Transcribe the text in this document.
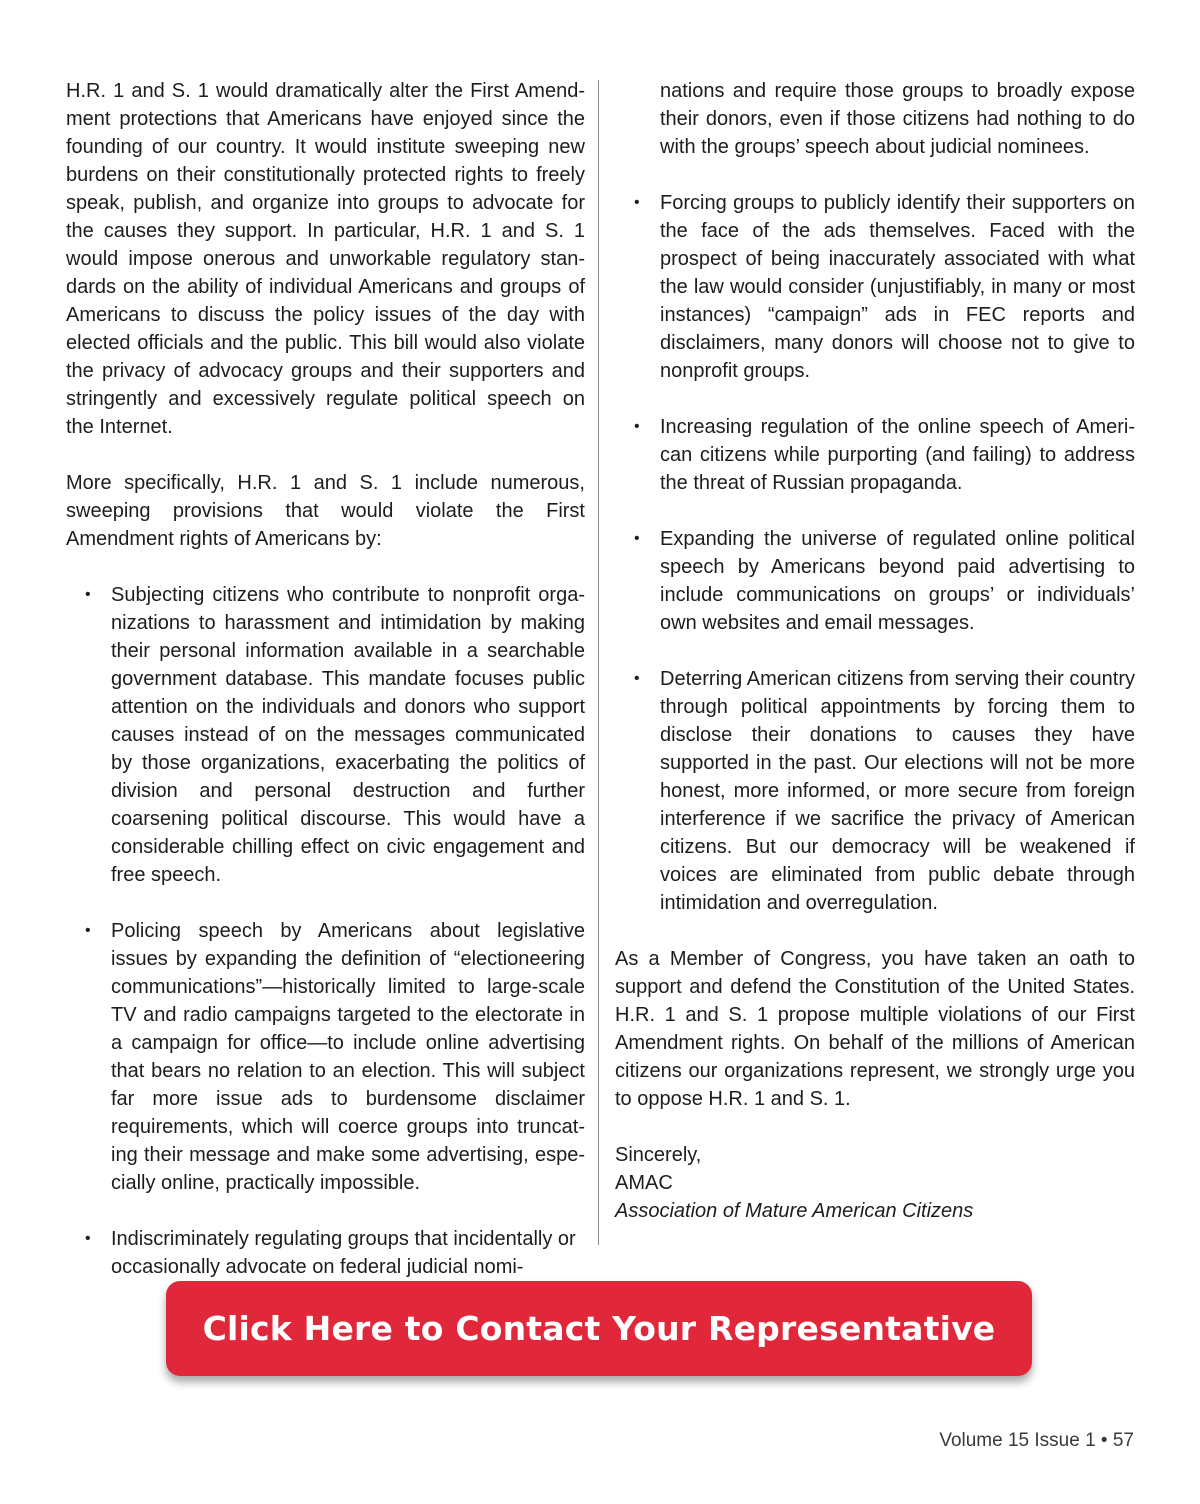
H.R. 1 and S. 1 would dramatically alter the First Amendment protections that Americans have enjoyed since the founding of our country. It would institute sweeping new burdens on their constitutionally protected rights to freely speak, publish, and organize into groups to advocate for the causes they support. In particular, H.R. 1 and S. 1 would impose onerous and unworkable regulatory standards on the ability of individual Americans and groups of Americans to discuss the policy issues of the day with elected officials and the public. This bill would also violate the privacy of advocacy groups and their supporters and stringently and excessively regulate political speech on the Internet.

More specifically, H.R. 1 and S. 1 include numerous, sweeping provisions that would violate the First Amendment rights of Americans by:

• Subjecting citizens who contribute to nonprofit organizations to harassment and intimidation by making their personal information available in a searchable government database. This mandate focuses public attention on the individuals and donors who support causes instead of on the messages communicated by those organizations, exacerbating the politics of division and personal destruction and further coarsening political discourse. This would have a considerable chilling effect on civic engagement and free speech.
• Policing speech by Americans about legislative issues by expanding the definition of “electioneering communications”—historically limited to large-scale TV and radio campaigns targeted to the electorate in a campaign for office—to include online advertising that bears no relation to an election. This will subject far more issue ads to burdensome disclaimer requirements, which will coerce groups into truncating their message and make some advertising, especially online, practically impossible.
• Indiscriminately regulating groups that incidentally or occasionally advocate on federal judicial nomi-

nations and require those groups to broadly expose their donors, even if those citizens had nothing to do with the groups’ speech about judicial nominees.

• Forcing groups to publicly identify their supporters on the face of the ads themselves. Faced with the prospect of being inaccurately associated with what the law would consider (unjustifiably, in many or most instances) “campaign” ads in FEC reports and disclaimers, many donors will choose not to give to nonprofit groups.
• Increasing regulation of the online speech of American citizens while purporting (and failing) to address the threat of Russian propaganda.
• Expanding the universe of regulated online political speech by Americans beyond paid advertising to include communications on groups’ or individuals’ own websites and email messages.
• Deterring American citizens from serving their country through political appointments by forcing them to disclose their donations to causes they have supported in the past. Our elections will not be more honest, more informed, or more secure from foreign interference if we sacrifice the privacy of American citizens. But our democracy will be weakened if voices are eliminated from public debate through intimidation and overregulation.

As a Member of Congress, you have taken an oath to support and defend the Constitution of the United States. H.R. 1 and S. 1 propose multiple violations of our First Amendment rights. On behalf of the millions of American citizens our organizations represent, we strongly urge you to oppose H.R. 1 and S. 1.

Sincerely,

AMAC

Association of Mature American Citizens

Click Here to Contact Your Representative
Volume 15 Issue 1 • 57
